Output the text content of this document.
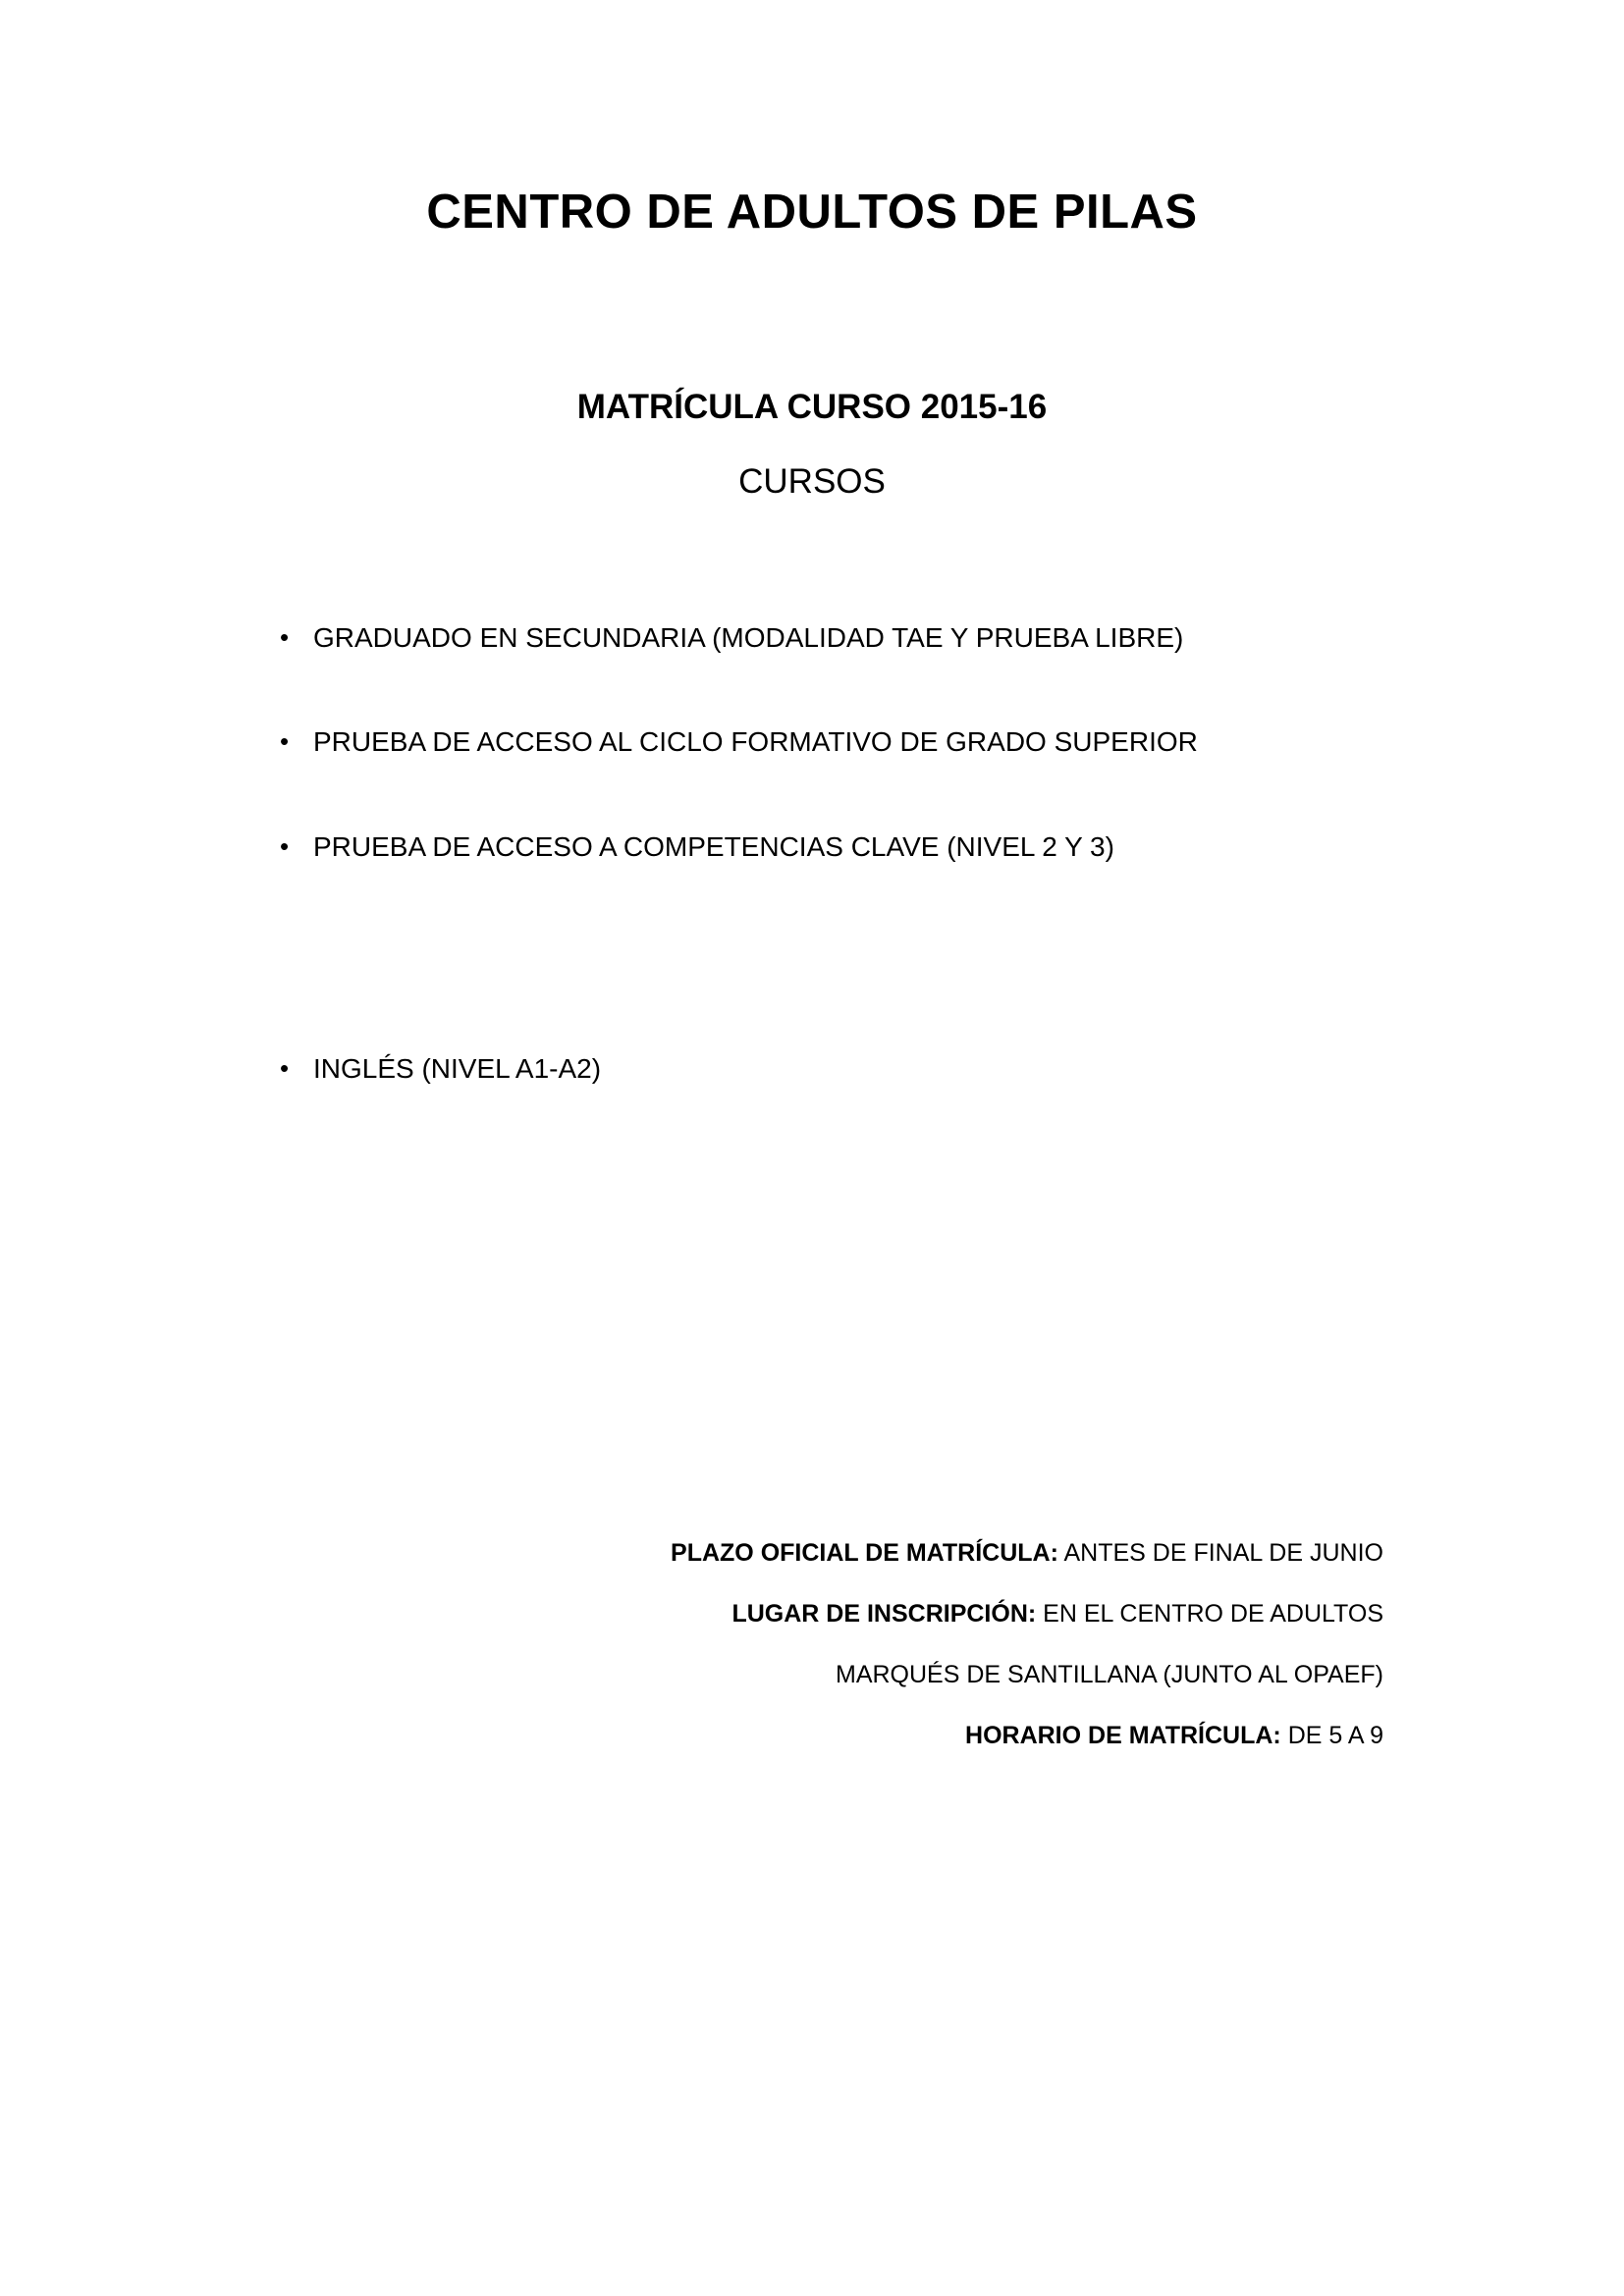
CENTRO DE ADULTOS DE PILAS
MATRÍCULA CURSO 2015-16
CURSOS
• GRADUADO EN SECUNDARIA (MODALIDAD TAE Y PRUEBA LIBRE)
• PRUEBA DE ACCESO AL CICLO FORMATIVO DE GRADO SUPERIOR
• PRUEBA DE ACCESO A COMPETENCIAS CLAVE (NIVEL 2 Y 3)
• INGLÉS (NIVEL A1-A2)
PLAZO OFICIAL DE MATRÍCULA: ANTES DE FINAL DE JUNIO
LUGAR DE INSCRIPCIÓN: EN EL CENTRO DE ADULTOS
MARQUÉS DE SANTILLANA (JUNTO AL OPAEF)
HORARIO DE MATRÍCULA: DE 5 A 9
